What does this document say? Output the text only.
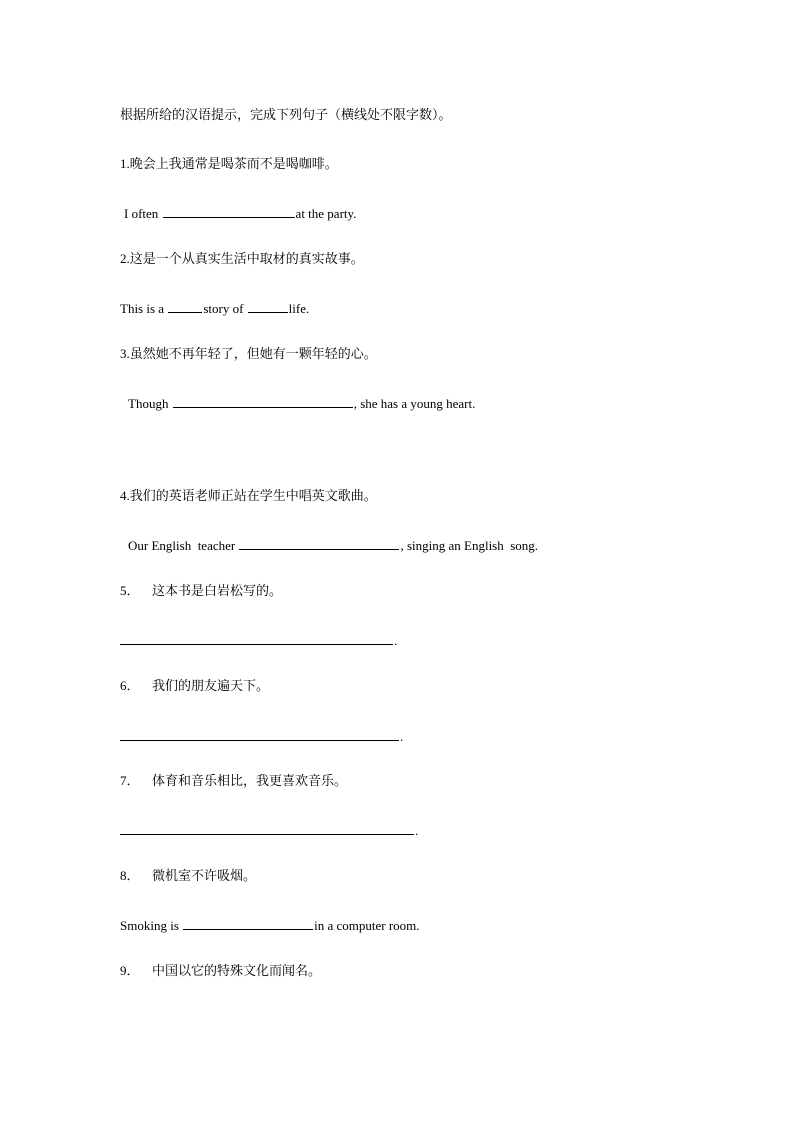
根据所给的汉语提示，完成下列句子（横线处不限字数）。
1.晚会上我通常是喝茶而不是喝咖啡。
I often	at the party.
2.这是一个从真实生活中取材的真实故事。
This is a	story of	life.
3.虽然她不再年轻了，但她有一颗年轻的心。
Though	, she has a young heart.
4.我们的英语老师正站在学生中唱英文歌曲。
Our English  teacher	, singing an English  song.
5． 这本书是白岩松写的。
.
6． 我们的朋友遍天下。
.
7． 体育和音乐相比，我更喜欢音乐。
.
8． 微机室不许吸烟。
Smoking is	in a computer room.
9． 中国以它的特殊文化而闻名。
